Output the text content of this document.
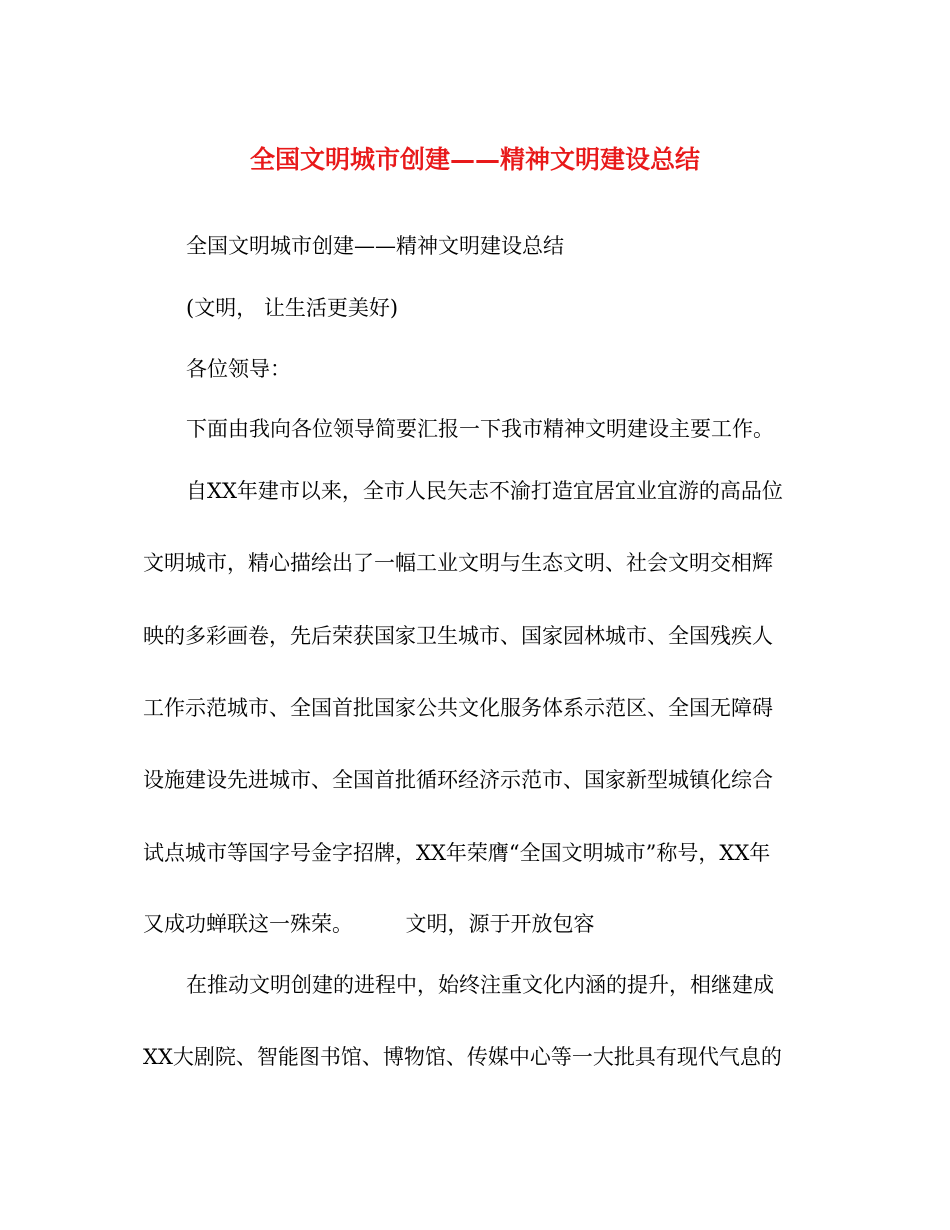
全国文明城市创建——精神文明建设总结
全国文明城市创建——精神文明建设总结
(文明， 让生活更美好)
各位领导：
下面由我向各位领导简要汇报一下我市精神文明建设主要工作。
自XX年建市以来，全市人民矢志不渝打造宜居宜业宜游的高品位
文明城市，精心描绘出了一幅工业文明与生态文明、社会文明交相辉
映的多彩画卷，先后荣获国家卫生城市、国家园林城市、全国残疾人
工作示范城市、全国首批国家公共文化服务体系示范区、全国无障碍
设施建设先进城市、全国首批循环经济示范市、国家新型城镇化综合
试点城市等国字号金字招牌，XX年荣膺“全国文明城市”称号，XX年
又成功蝉联这一殊荣。　　　文明，源于开放包容
在推动文明创建的进程中，始终注重文化内涵的提升，相继建成
XX大剧院、智能图书馆、博物馆、传媒中心等一大批具有现代气息的
